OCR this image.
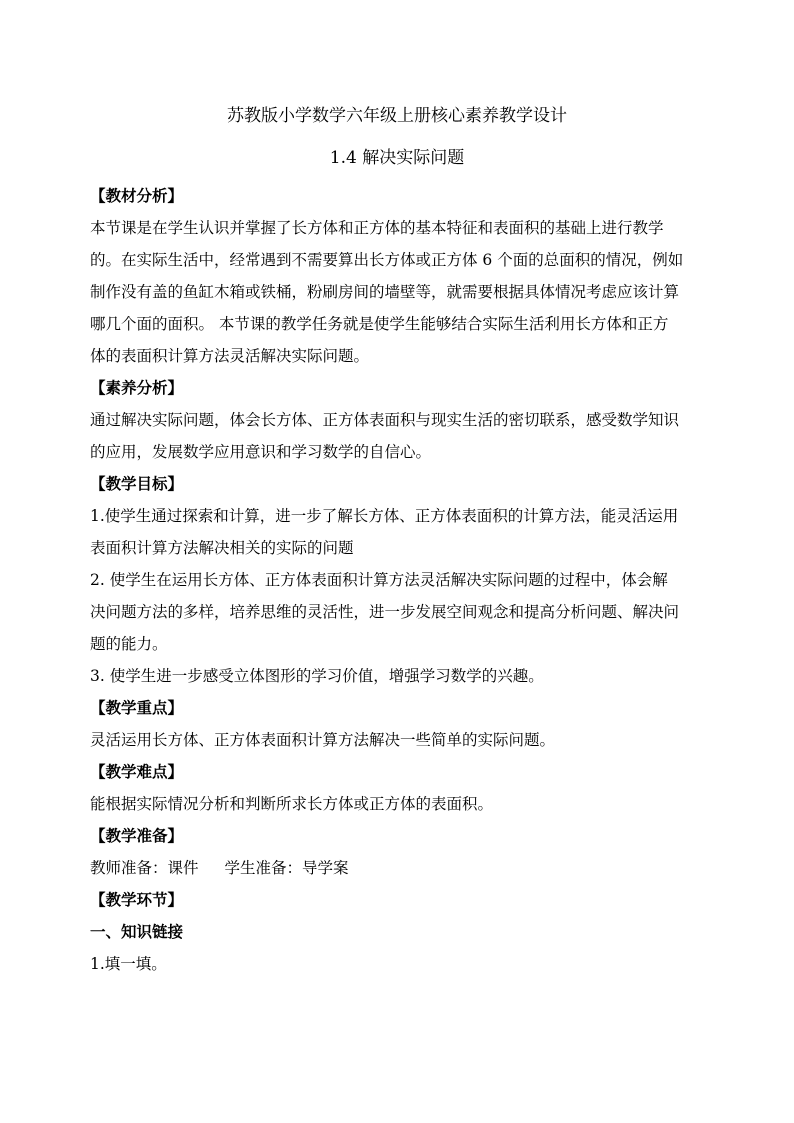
苏教版小学数学六年级上册核心素养教学设计
1.4 解决实际问题
【教材分析】
本节课是在学生认识并掌握了长方体和正方体的基本特征和表面积的基础上进行教学
的。在实际生活中，经常遇到不需要算出长方体或正方体 6 个面的总面积的情况，例如
制作没有盖的鱼缸木箱或铁桶，粉刷房间的墙壁等，就需要根据具体情况考虑应该计算
哪几个面的面积。 本节课的教学任务就是使学生能够结合实际生活利用长方体和正方
体的表面积计算方法灵活解决实际问题。
【素养分析】
通过解决实际问题，体会长方体、正方体表面积与现实生活的密切联系，感受数学知识
的应用，发展数学应用意识和学习数学的自信心。
【教学目标】
1.使学生通过探索和计算，进一步了解长方体、正方体表面积的计算方法，能灵活运用
表面积计算方法解决相关的实际的问题
2. 使学生在运用长方体、正方体表面积计算方法灵活解决实际问题的过程中，体会解
决问题方法的多样，培养思维的灵活性，进一步发展空间观念和提高分析问题、解决问
题的能力。
3. 使学生进一步感受立体图形的学习价值，增强学习数学的兴趣。
【教学重点】
灵活运用长方体、正方体表面积计算方法解决一些简单的实际问题。
【教学难点】
能根据实际情况分析和判断所求长方体或正方体的表面积。
【教学准备】
教师准备：课件 学生准备：导学案
【教学环节】
一、知识链接
1.填一填。
